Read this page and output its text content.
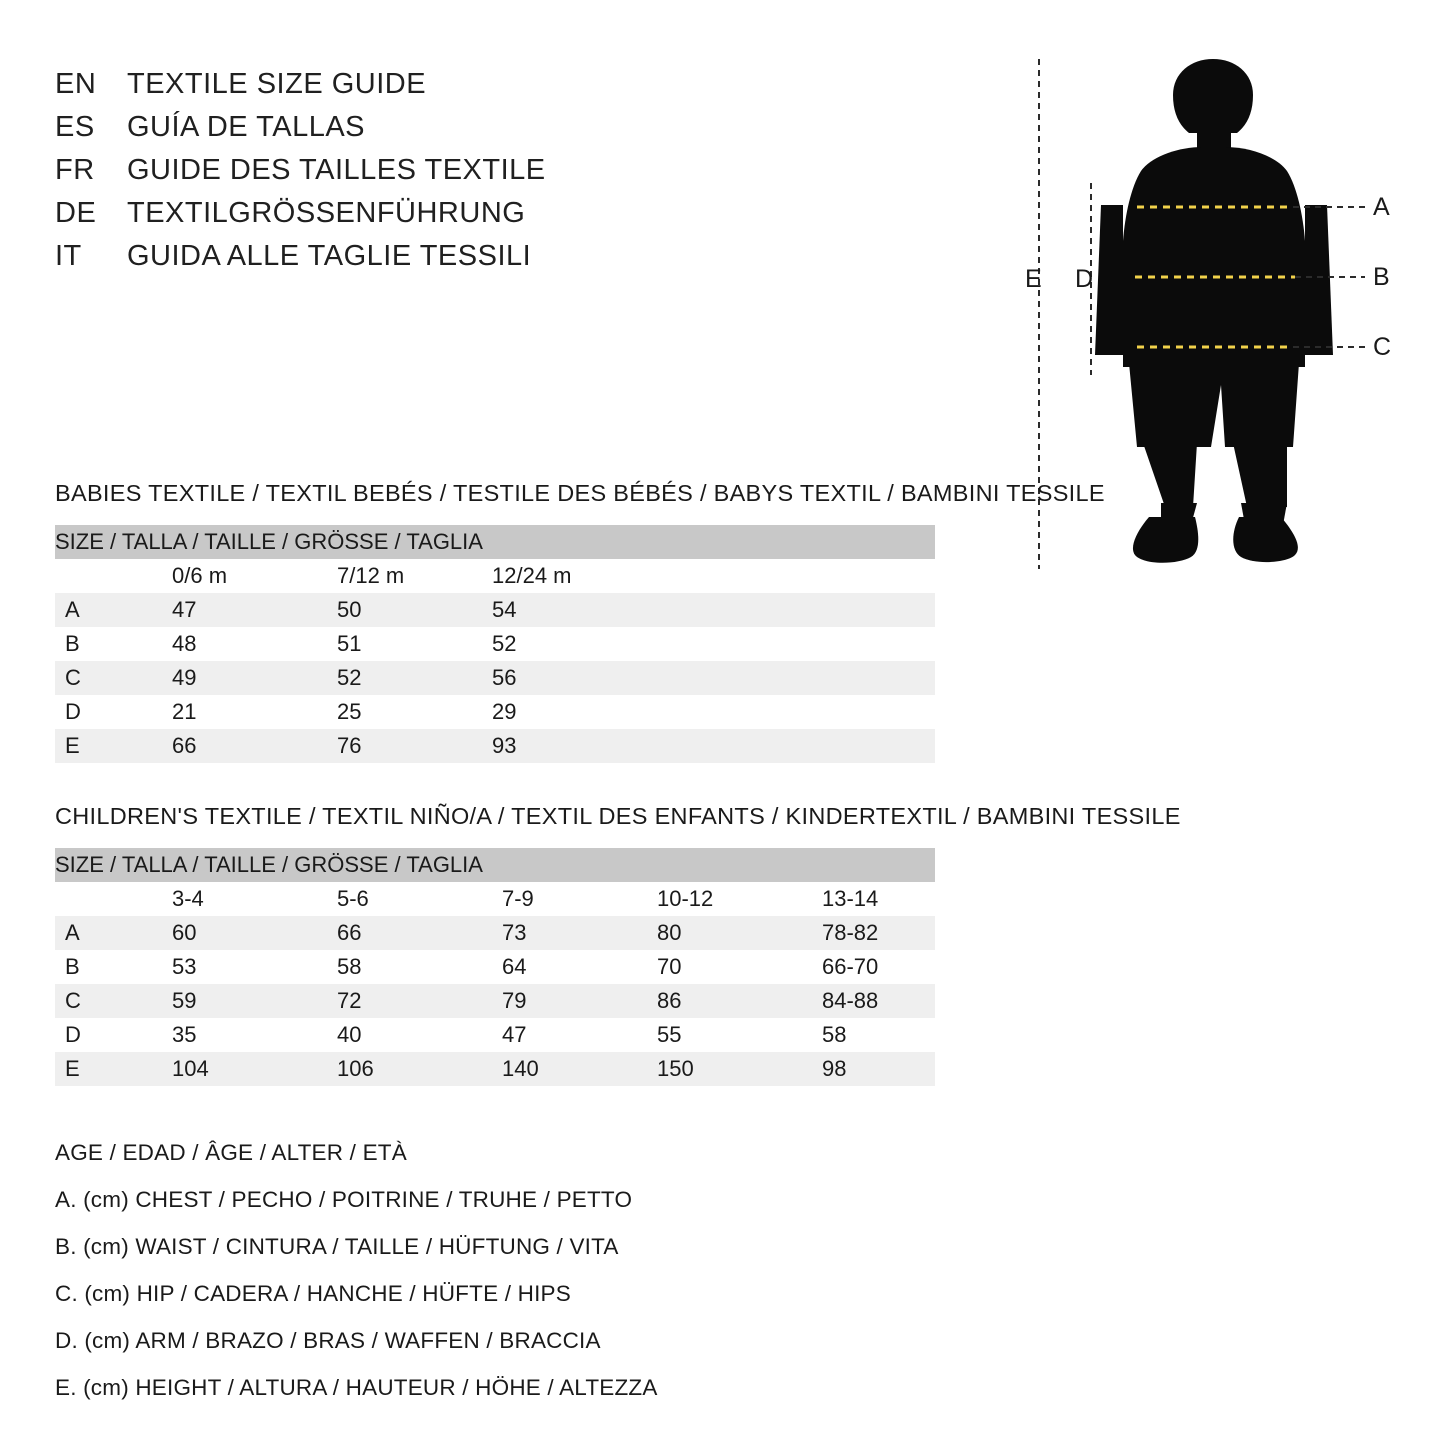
EN	TEXTILE SIZE GUIDE
ES	GUÍA DE TALLAS
FR	GUIDE DES TAILLES TEXTILE
DE	TEXTILGRÖSSENFÜHRUNG
IT	GUIDA ALLE TAGLIE TESSILI
A
B
C
D
E
BABIES TEXTILE / TEXTIL BEBÉS / TESTILE DES BÉBÉS / BABYS TEXTIL / BAMBINI TESSILE
SIZE / TALLA / TAILLE / GRÖSSE / TAGLIA				
	0/6 m	7/12 m	12/24 m	
A	47	50	54	
B	48	51	52	
C	49	52	56	
D	21	25	29	
E	66	76	93	
CHILDREN'S TEXTILE / TEXTIL NIÑO/A / TEXTIL DES ENFANTS / KINDERTEXTIL / BAMBINI TESSILE
SIZE / TALLA / TAILLE / GRÖSSE / TAGLIA					
	3-4	5-6	7-9	10-12	13-14
A	60	66	73	80	78-82
B	53	58	64	70	66-70
C	59	72	79	86	84-88
D	35	40	47	55	58
E	104	106	140	150	98
AGE / EDAD / ÂGE / ALTER / ETÀ
A. (cm) CHEST / PECHO / POITRINE / TRUHE / PETTO
B. (cm) WAIST / CINTURA / TAILLE / HÜFTUNG / VITA
C. (cm) HIP / CADERA / HANCHE / HÜFTE / HIPS
D. (cm) ARM / BRAZO / BRAS / WAFFEN / BRACCIA
E. (cm) HEIGHT / ALTURA / HAUTEUR / HÖHE / ALTEZZA
